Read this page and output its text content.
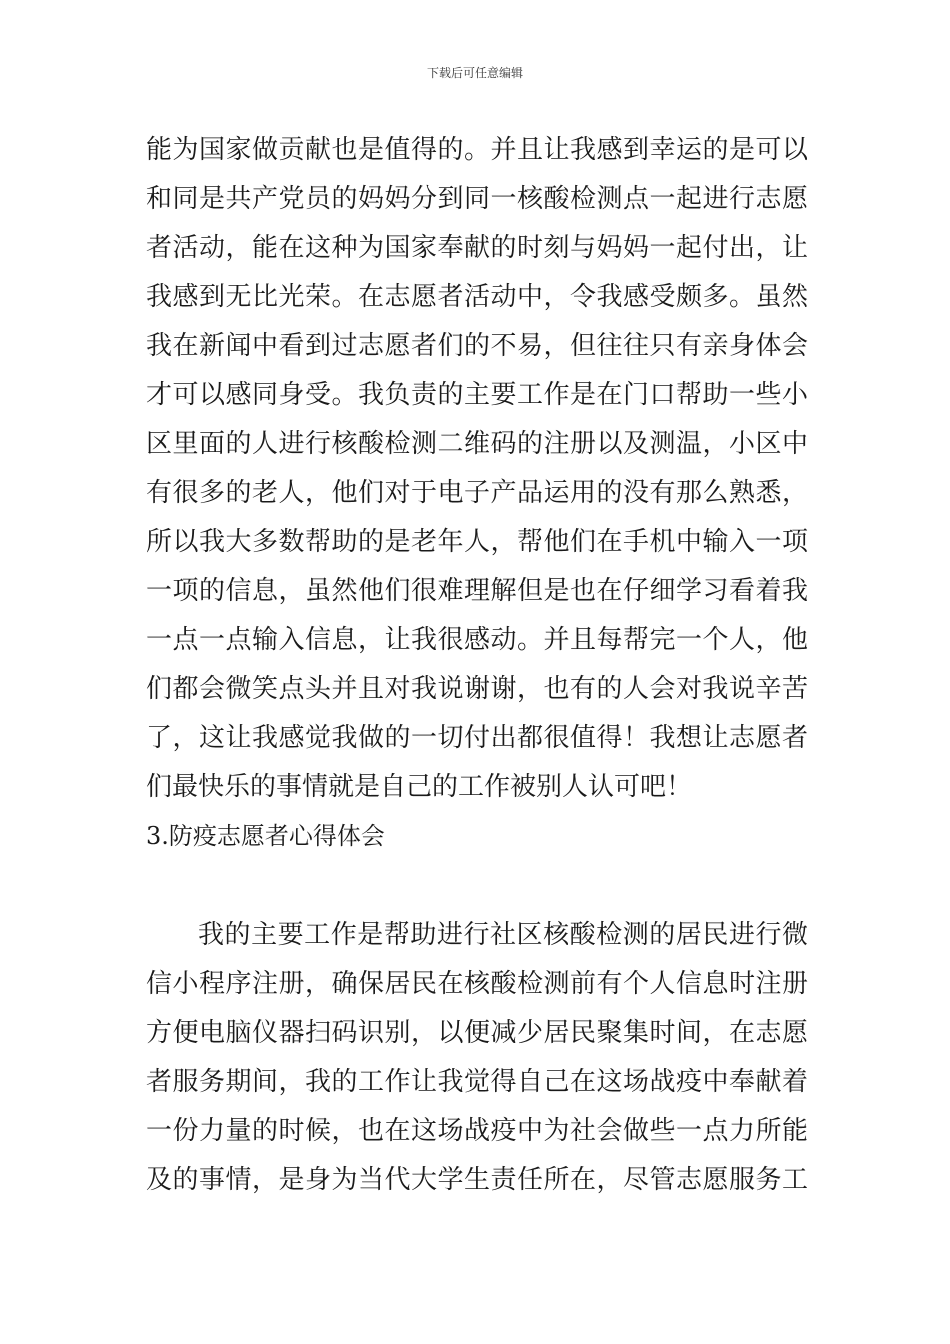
下载后可任意编辑
能为国家做贡献也是值得的。并且让我感到幸运的是可以
和同是共产党员的妈妈分到同一核酸检测点一起进行志愿
者活动，能在这种为国家奉献的时刻与妈妈一起付出，让
我感到无比光荣。在志愿者活动中，令我感受颇多。虽然
我在新闻中看到过志愿者们的不易，但往往只有亲身体会
才可以感同身受。我负责的主要工作是在门口帮助一些小
区里面的人进行核酸检测二维码的注册以及测温，小区中
有很多的老人，他们对于电子产品运用的没有那么熟悉，
所以我大多数帮助的是老年人，帮他们在手机中输入一项
一项的信息，虽然他们很难理解但是也在仔细学习看着我
一点一点输入信息，让我很感动。并且每帮完一个人，他
们都会微笑点头并且对我说谢谢，也有的人会对我说辛苦
了，这让我感觉我做的一切付出都很值得！我想让志愿者
们最快乐的事情就是自己的工作被别人认可吧！
3.防疫志愿者心得体会
我的主要工作是帮助进行社区核酸检测的居民进行微
信小程序注册，确保居民在核酸检测前有个人信息时注册
方便电脑仪器扫码识别，以便减少居民聚集时间，在志愿
者服务期间，我的工作让我觉得自己在这场战疫中奉献着
一份力量的时候，也在这场战疫中为社会做些一点力所能
及的事情，是身为当代大学生责任所在，尽管志愿服务工
